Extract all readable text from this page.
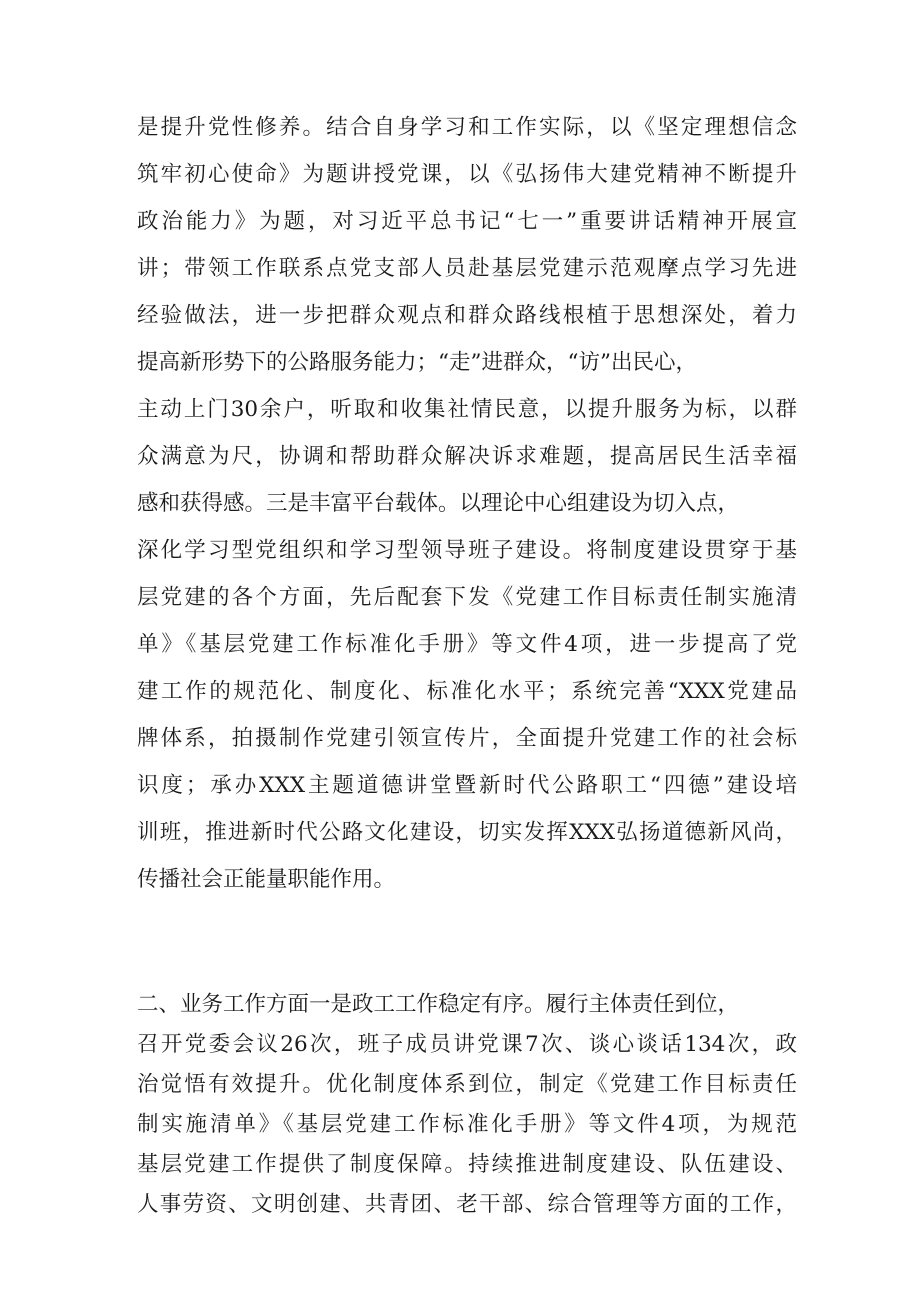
是提升党性修养。结合自身学习和工作实际，以《坚定理想信念
筑牢初心使命》为题讲授党课，以《弘扬伟大建党精神不断提升
政治能力》为题，对习近平总书记“七一”重要讲话精神开展宣
讲；带领工作联系点党支部人员赴基层党建示范观摩点学习先进
经验做法，进一步把群众观点和群众路线根植于思想深处，着力
提高新形势下的公路服务能力；“走”进群众，“访”出民心，
主动上门30余户，听取和收集社情民意，以提升服务为标，以群
众满意为尺，协调和帮助群众解决诉求难题，提高居民生活幸福
感和获得感。三是丰富平台载体。以理论中心组建设为切入点，
深化学习型党组织和学习型领导班子建设。将制度建设贯穿于基
层党建的各个方面，先后配套下发《党建工作目标责任制实施清
单》《基层党建工作标准化手册》等文件4项，进一步提高了党
建工作的规范化、制度化、标准化水平；系统完善“XXX党建品
牌体系，拍摄制作党建引领宣传片，全面提升党建工作的社会标
识度；承办XXX主题道德讲堂暨新时代公路职工“四德”建设培
训班，推进新时代公路文化建设，切实发挥XXX弘扬道德新风尚，
传播社会正能量职能作用。
二、业务工作方面一是政工工作稳定有序。履行主体责任到位，
召开党委会议26次，班子成员讲党课7次、谈心谈话134次，政
治觉悟有效提升。优化制度体系到位，制定《党建工作目标责任
制实施清单》《基层党建工作标准化手册》等文件4项，为规范
基层党建工作提供了制度保障。持续推进制度建设、队伍建设、
人事劳资、文明创建、共青团、老干部、综合管理等方面的工作，
